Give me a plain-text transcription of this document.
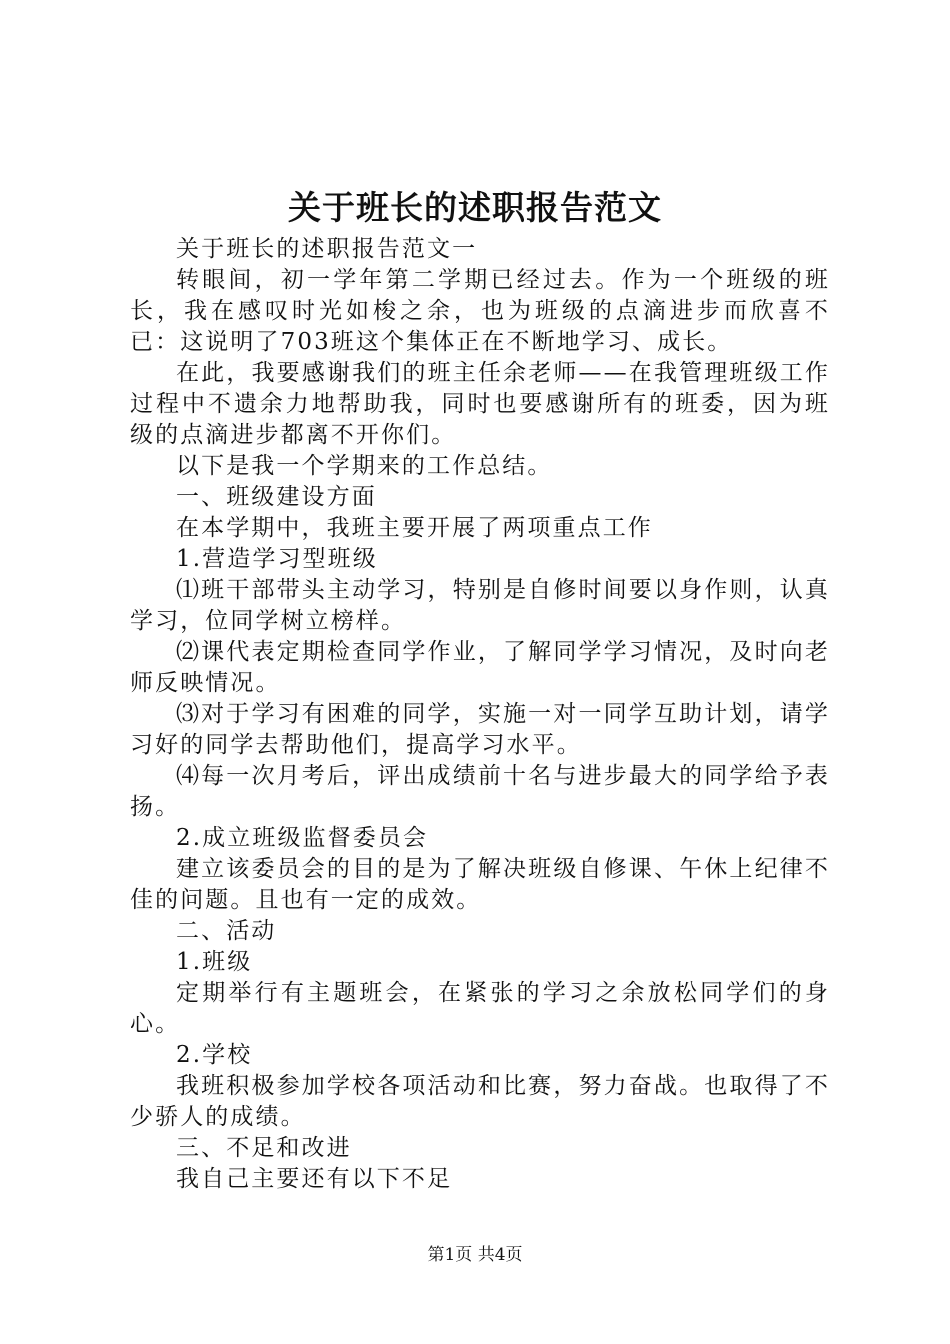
关于班长的述职报告范文

关于班长的述职报告范文一

转眼间，初一学年第二学期已经过去。作为一个班级的班长，我在感叹时光如梭之余，也为班级的点滴进步而欣喜不已：这说明了703班这个集体正在不断地学习、成长。

在此，我要感谢我们的班主任余老师——在我管理班级工作过程中不遗余力地帮助我，同时也要感谢所有的班委，因为班级的点滴进步都离不开你们。

以下是我一个学期来的工作总结。

一、班级建设方面

在本学期中，我班主要开展了两项重点工作

1.营造学习型班级

⑴班干部带头主动学习，特别是自修时间要以身作则，认真学习，位同学树立榜样。

⑵课代表定期检查同学作业，了解同学学习情况，及时向老师反映情况。

⑶对于学习有困难的同学，实施一对一同学互助计划，请学习好的同学去帮助他们，提高学习水平。

⑷每一次月考后，评出成绩前十名与进步最大的同学给予表扬。

2.成立班级监督委员会

建立该委员会的目的是为了解决班级自修课、午休上纪律不佳的问题。且也有一定的成效。

二、活动

1.班级

定期举行有主题班会，在紧张的学习之余放松同学们的身心。

2.学校

我班积极参加学校各项活动和比赛，努力奋战。也取得了不少骄人的成绩。

三、不足和改进

我自己主要还有以下不足

第1页 共4页
